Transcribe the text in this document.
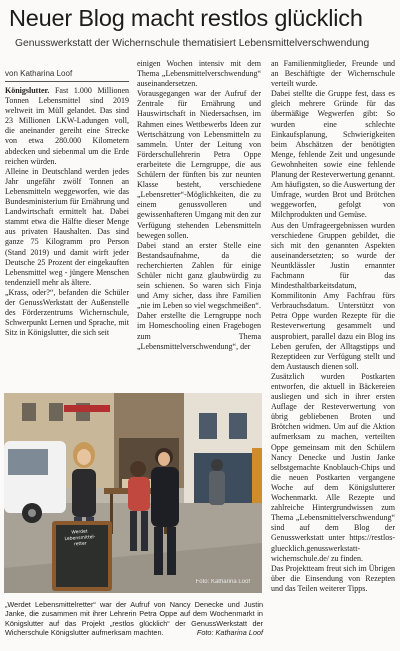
Neuer Blog macht restlos glücklich
Genusswerkstatt der Wichernschule thematisiert Lebensmittelverschwendung
von Katharina Loof

Königslutter. Fast 1.000 Millionen Tonnen Lebensmittel sind 2019 weltweit im Müll gelandet. Das sind 23 Millionen LKW-Ladungen voll, die aneinander gereiht eine Strecke von etwa 280.000 Kilometern abdecken und siebenmal um die Erde reichen würden.

Alleine in Deutschland werden jedes Jahr ungefähr zwölf Tonnen an Lebensmitteln weggeworfen, wie das Bundesministerium für Ernährung und Landwirtschaft ermittelt hat. Dabei stammt etwa die Hälfte dieser Menge aus privaten Haushalten. Das sind ganze 75 Kilogramm pro Person (Stand 2019) und damit wirft jeder Deutsche 25 Prozent der eingekauften Lebensmittel weg - jüngere Menschen tendenziell mehr als ältere.

„Krass, oder?“, befanden die Schüler der GenussWerkstatt der Außenstelle des Förderzentrums Wichernschule, Schwerpunkt Lernen und Sprache, mit Sitz in Königslutter, die sich seit

einigen Wochen intensiv mit dem Thema „Lebensmittelverschwendung“ auseinandersetzen.

Vorausgegangen war der Aufruf der Zentrale für Ernährung und Hauswirtschaft in Niedersachsen, im Rahmen eines Wettbewerbs Ideen zur Wertschätzung von Lebensmitteln zu sammeln. Unter der Leitung von Förderschullehrerin Petra Oppe erarbeitete die Lerngruppe, die aus Schülern der fünften bis zur neunten Klasse besteht, verschiedene „Lebensretter“-Möglichkeiten, die zu einem genussvolleren und gewissenhafteren Umgang mit den zur Verfügung stehenden Lebensmitteln bewegen sollen.

Dabei stand an erster Stelle eine Bestandsaufnahme, da die recherchierten Zahlen für einige Schüler nicht ganz glaubwürdig zu sein schienen. So waren sich Finja und Amy sicher, dass ihre Familien „nie im Leben so viel wegschmeißen“.

Daher erstellte die Lerngruppe noch im Homeschooling einen Fragebogen zum Thema „Lebensmittelverschwendung“, der

an Familienmitglieder, Freunde und an Beschäftigte der Wichernschule verteilt wurde.

Dabei stellte die Gruppe fest, dass es gleich mehrere Gründe für das übermäßige Wegwerfen gibt: So wurden eine schlechte Einkaufsplanung, Schwierigkeiten beim Abschätzen der benötigten Menge, fehlende Zeit und ungesunde Gewohnheiten sowie eine fehlende Planung der Resteverwertung genannt. Am häufigsten, so die Auswertung der Umfrage, wurden Brot und Brötchen weggeworfen, gefolgt von Milchprodukten und Gemüse.

Aus den Umfrageergebnissen wurden verschiedene Gruppen gebildet, die sich mit den genannten Aspekten auseinandersetzten; so wurde der Neuntklässler Justin ernannter Fachmann für das Mindesthaltbarkeitsdatum, Kommilitonin Amy Fachfrau fürs Verbrauchsdatum. Unterstützt von Petra Oppe wurden Rezepte für die Resteverwertung gesammelt und ausprobiert, parallel dazu ein Blog ins Leben gerufen, der Alltagstipps und Rezeptideen zur Verfügung stellt und dem Austausch dienen soll.

Zusätzlich wurden Postkarten entworfen, die aktuell in Bäckereien ausliegen und sich in ihrer ersten Auflage der Resteverwertung von übrig gebliebenen Broten und Brötchen widmen. Um auf die Aktion aufmerksam zu machen, verteilten Oppe gemeinsam mit den Schülern Nancy Denecke und Justin Janke selbstgemachte Knoblauch-Chips und die neuen Postkarten vergangene Woche auf dem Königslutterer Wochenmarkt. Alle Rezepte und zahlreiche Hintergrundwissen zum Thema „Lebensmittelverschwendung“ sind auf dem Blog der Genusswerkstatt unter https://restlos-gluecklich.genusswerkstatt-wichernschule.de/ zu finden.

Das Projektteam freut sich im Übrigen über die Einsendung von Rezepten und das Teilen weiterer Tipps.

Foto: Katharina Loof
Werdet Lebensmittel- retter
„Werdet Lebensmittelretter“ war der Aufruf von Nancy Denecke und Justin Janke, die zusammen mit ihrer Lehrerin Petra Oppe auf dem Wochenmarkt in Königslutter auf das Projekt „restlos glücklich“ der GenussWerkstatt der Wicherschule Königslutter aufmerksam machten.	Foto: Katharina Loof
